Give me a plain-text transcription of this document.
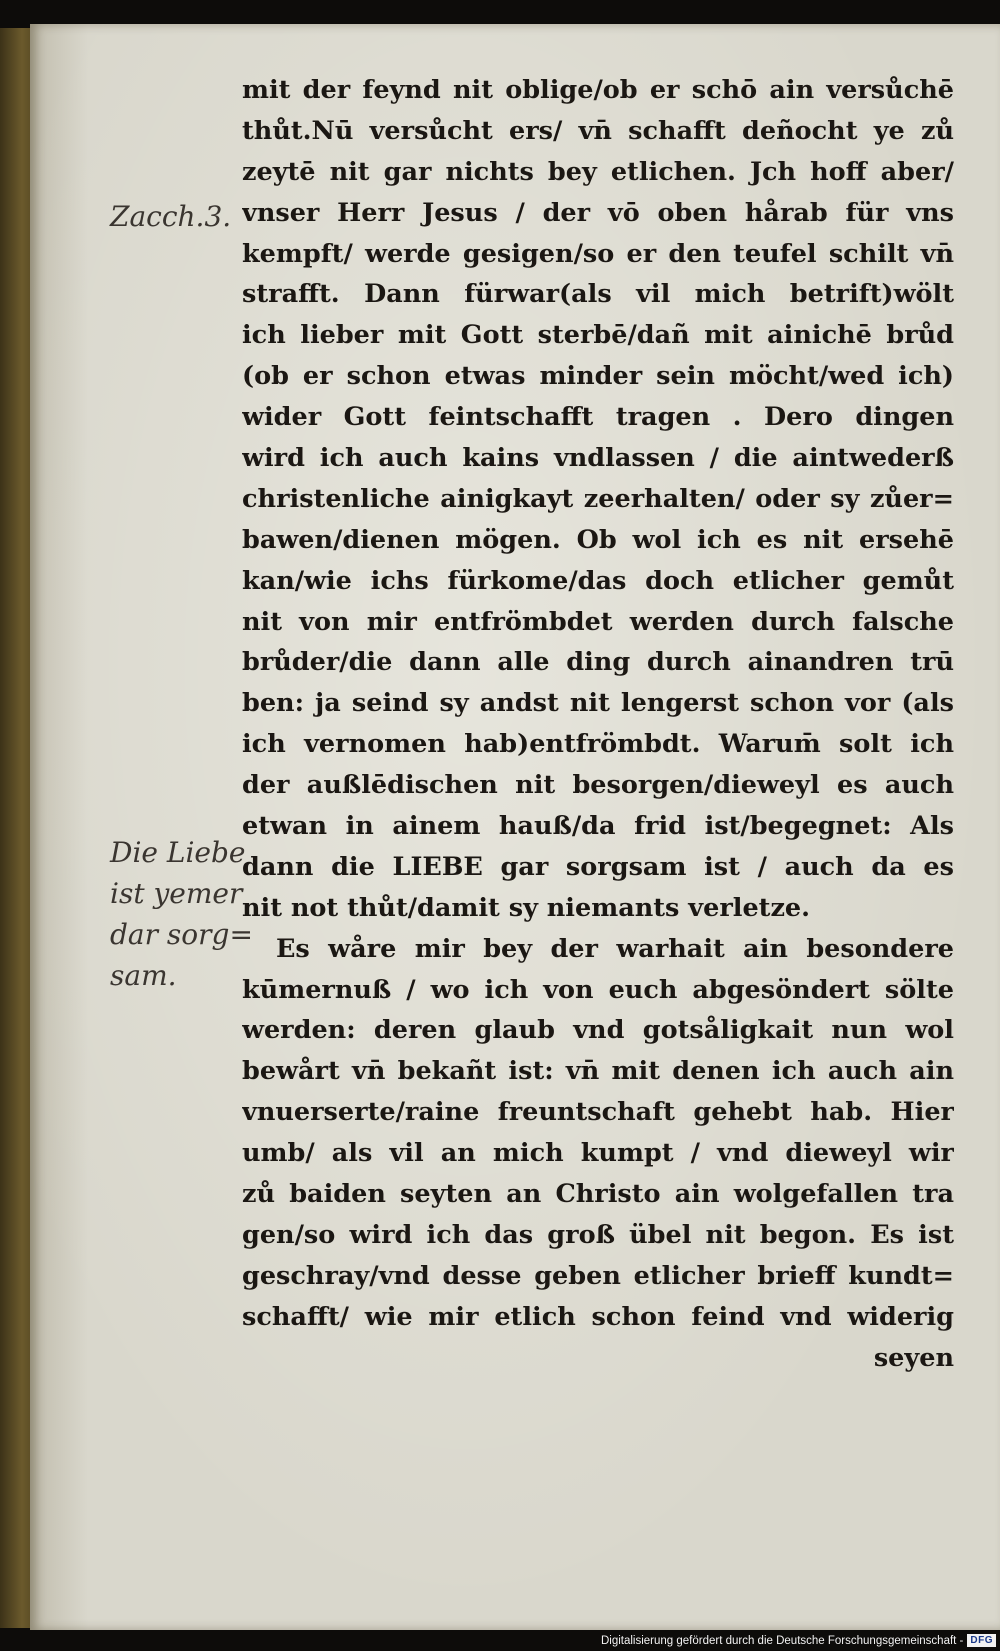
Zacch.3.
Die Liebe
ist yemer
dar sorg=
sam.
mit der feynd nit oblige/ob er schō ain versůchē
thůt.Nū versůcht ers/ vn̄ schafft deñocht ye zů
zeytē nit gar nichts bey etlichen. Jch hoff aber/
vnser Herr Jesus / der vō oben hårab für vns
kempft/ werde gesigen/so er den teufel schilt vn̄
strafft. Dann fürwar(als vil mich betrift)wölt
ich lieber mit Gott sterbē/dañ mit ainichē brůd
(ob er schon etwas minder sein möcht/wed ich)
wider Gott feintschafft tragen . Dero dingen
wird ich auch kains vndlassen / die aintwederß
christenliche ainigkayt zeerhalten/ oder sy zůer=
bawen/dienen mögen. Ob wol ich es nit ersehē
kan/wie ichs fürkome/das doch etlicher gemůt
nit von mir entfrömbdet werden durch falsche
brůder/die dann alle ding durch ainandren trū
ben: ja seind sy andst nit lengerst schon vor (als
ich vernomen hab)entfrömbdt. Warum̄ solt ich
der außlēdischen nit besorgen/dieweyl es auch
etwan in ainem hauß/da frid ist/begegnet: Als
dann die LIEBE gar sorgsam ist / auch da es
nit not thůt/damit sy niemants verletze.
Es wåre mir bey der warhait ain besondere
kūmernuß / wo ich von euch abgesöndert sölte
werden: deren glaub vnd gotsåligkait nun wol
bewårt vn̄ bekañt ist: vn̄ mit denen ich auch ain
vnuerserte/raine freuntschaft gehebt hab. Hier
umb/ als vil an mich kumpt / vnd dieweyl wir
zů baiden seyten an Christo ain wolgefallen tra
gen/so wird ich das groß übel nit begon. Es ist
geschray/vnd desse geben etlicher brieff kundt=
schafft/ wie mir etlich schon feind vnd widerig
seyen
Digitalisierung gefördert durch die Deutsche Forschungsgemeinschaft - DFG
